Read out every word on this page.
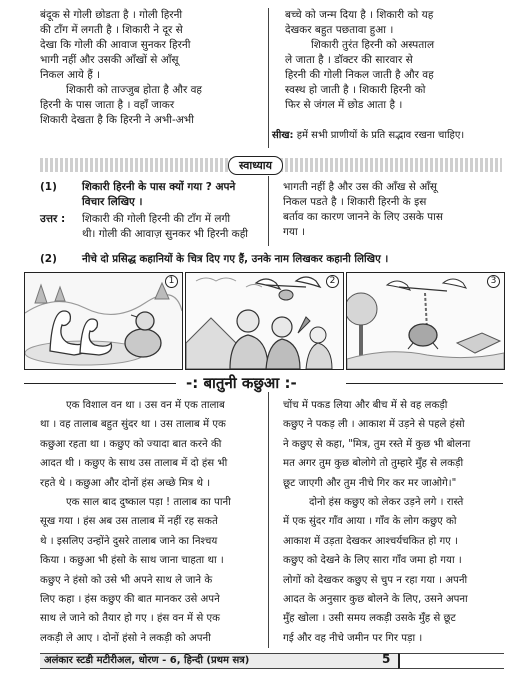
बंदूक से गोली छोडता है । गोली हिरनी

की टाँग में लगती है । शिकारी ने दूर से

देखा कि गोली की आवाज सुनकर हिरनी

भागी नहीं और उसकी आँखों से आँसू

निकल आये हैं ।

शिकारी को ताज्जुब होता है और वह

हिरनी के पास जाता है । वहाँ जाकर

शिकारी देखता है कि हिरनी ने अभी-अभी

बच्चे को जन्म दिया है । शिकारी को यह

देखकर बहुत पछतावा हुआ ।

शिकारी तुरंत हिरनी को अस्पताल

ले जाता है । डॉक्टर की सारवार से

हिरनी की गोली निकल जाती है और वह

स्वस्थ हो जाती है । शिकारी हिरनी को

फिर से जंगल में छोड आता है ।

सीख: हमें सभी प्राणीयों के प्रति सद्भाव रखना चाहिए।
स्वाध्याय
(1) शिकारी हिरनी के पास क्यों गया ? अपने

विचार लिखिए ।

उत्तर : शिकारी की गोली हिरनी की टाँग में लगी

थी। गोली की आवाज़ सुनकर भी हिरनी कही

भागती नहीं है और उस की आँख से आँसू

निकल पडते है । शिकारी हिरनी के इस

बर्ताव का कारण जानने के लिए उसके पास

गया ।

(2) नीचे दो प्रसिद्ध कहानियों के चित्र दिए गए हैं, उनके नाम लिखकर कहानी लिखिए ।
1	2	3
-: बातुनी कछुआ :-

एक विशाल वन था । उस वन में एक तालाब

था । वह तालाब बहुत सुंदर था । उस तालाब में एक

कछुआ रहता था । कछुए को ज्यादा बात करने की

आदत थी । कछुए के साथ उस तालाब में दो हंस भी

रहते थे । कछुआ और दोनों हंस अच्छे मित्र थे ।

एक साल बाद दुष्काल पड़ा ! तालाब का पानी

सूख गया । हंस अब उस तालाब में नहीं रह सकते

थे । इसलिए उन्होंने दुसरे तालाब जाने का निश्चय

किया । कछुआ भी हंसो के साथ जाना चाहता था ।

कछुए ने हंसो को उसे भी अपने साथ ले जाने के

लिए कहा । हंस कछुए की बात मानकर उसे अपने

साथ ले जाने को तैयार हो गए । हंस वन में से एक

लकड़ी ले आए । दोनों हंसो ने लकड़ी को अपनी

चोंच में पकड लिया और बीच में से वह लकड़ी

कछुए ने पकड़ ली । आकाश में उड़ने से पहले हंसो

ने कछुए से कहा, "मित्र, तुम रस्ते में कुछ भी बोलना

मत अगर तुम कुछ बोलोगे तो तुम्हारे मुँह से लकड़ी

छूट जाएगी और तुम नीचे गिर कर मर जाओगे।"

दोनो हंस कछुए को लेकर उड़ने लगे । रास्ते

में एक सुंदर गाँव आया । गाँव के लोग कछुए को

आकाश में उड़ता देखकर आश्चर्यचकित हो गए ।

कछुए को देखने के लिए सारा गाँव जमा हो गया ।

लोगों को देखकर कछुए से चुप न रहा गया । अपनी

आदत के अनुसार कुछ बोलने के लिए, उसने अपना

मुँह खोला । उसी समय लकड़ी उसके मुँह से छूट

गई और वह नीचे जमीन पर गिर पड़ा ।

अलंकार स्टडी मटीरीअल, धोरण - 6, हिन्दी (प्रथम सत्र)	5
